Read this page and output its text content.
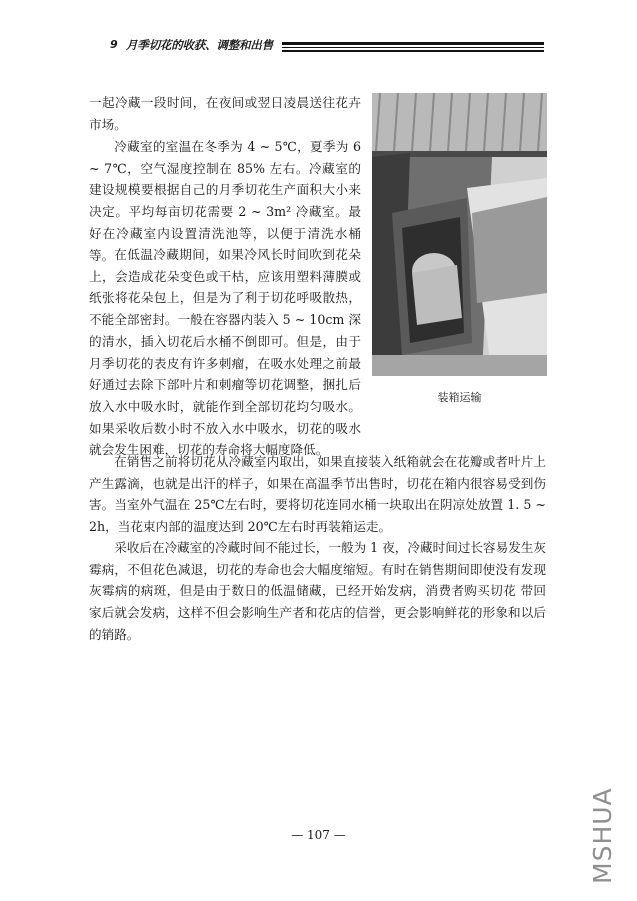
9 月季切花的收获、调整和出售

一起冷藏一段时间，在夜间或翌日凌晨送往花卉市场。

冷藏室的室温在冬季为 4 ~ 5℃，夏季为 6 ~ 7℃，空气湿度控制在 85% 左右。冷藏室的建设规模要根据自己的月季切花生产面积大小来决定。平均每亩切花需要 2 ~ 3m² 冷藏室。最好在冷藏室内设置清洗池等，以便于清洗水桶等。 在低温冷藏期间，如果冷风长时间吹到花朵上，会造成花朵变色或干枯，应该用塑料薄膜或纸张将花朵包上，但是为了利于切花呼吸散热，不能全部密封。一般在容器内装入 5 ~ 10cm 深的清水，插入切花后水桶不倒即可。但是，由于月季切花的表皮有许多刺瘤，在吸水处理之前最好通过去除下部叶片和刺瘤等切花调整，捆扎后放入水中吸水时，就能作到全部切花均匀吸水。如果采收后数小时不放入水中吸水，切花的吸水就会发生困难，切花的寿命将大幅度降低。

装箱运输

在销售之前将切花从冷藏室内取出，如果直接装入纸箱就会在花瓣或者叶片上产生露滴，也就是出汗的样子，如果在高温季节出售时，切花在箱内很容易受到伤害。当室外气温在 25℃左右时，要将切花连同水桶一块取出在阴凉处放置 1. 5 ~ 2h，当花束内部的温度达到 20℃左右时再装箱运走。

采收后在冷藏室的冷藏时间不能过长，一般为 1 夜，冷藏时间过长容易发生灰霉病，不但花色减退，切花的寿命也会大幅度缩短。有时在销售期间即使没有发现灰霉病的病斑，但是由于数日的低温储藏，已经开始发病，消费者购买切花 带回家后就会发病，这样不但会影响生产者和花店的信誉，更会影响鲜花的形象和以后的销路。

— 107 —	MSHUA
